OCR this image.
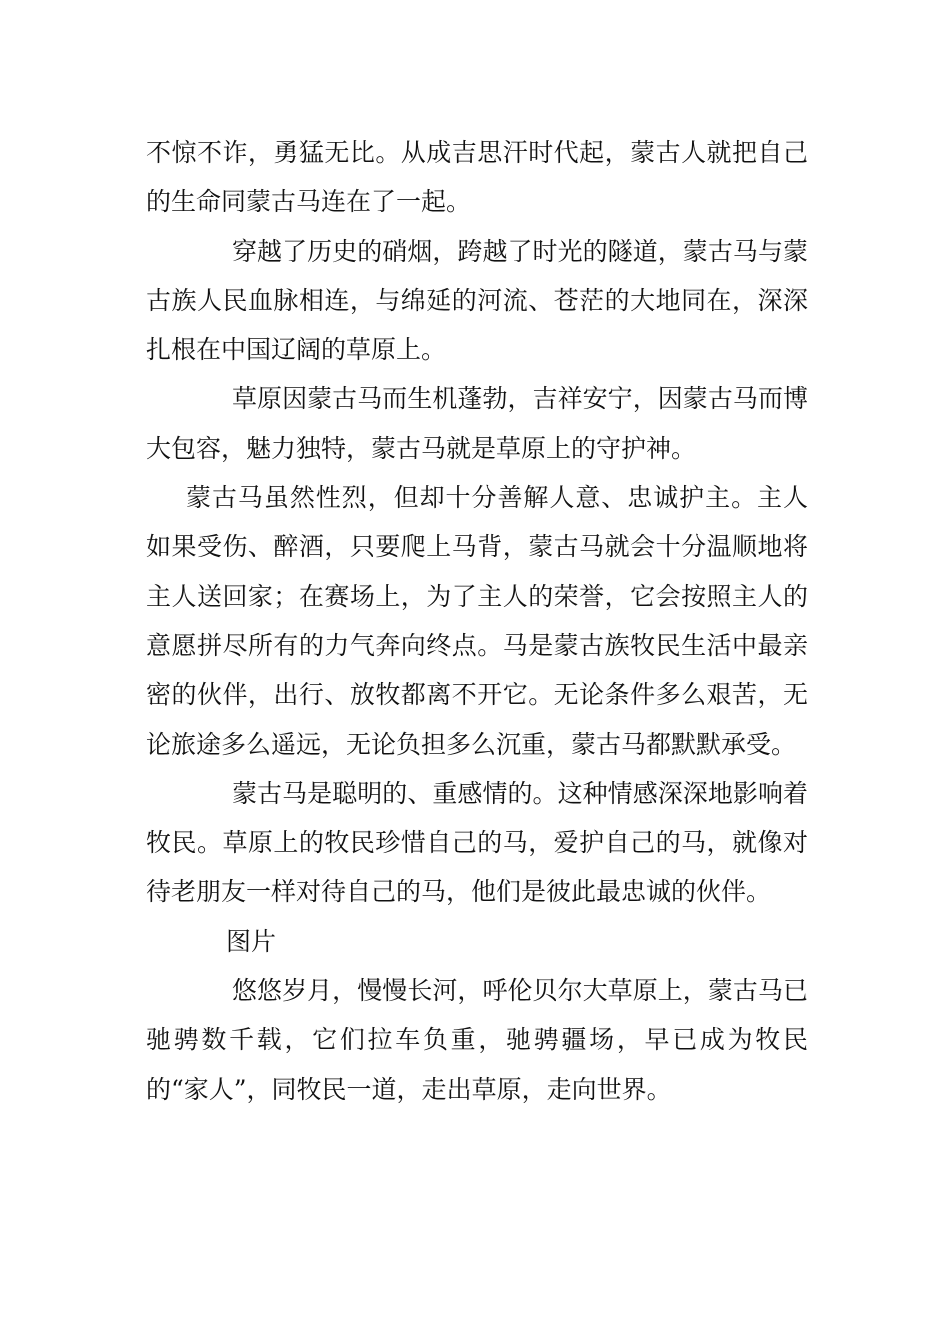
不惊不诈，勇猛无比。从成吉思汗时代起，蒙古人就把自己的生命同蒙古马连在了一起。

穿越了历史的硝烟，跨越了时光的隧道，蒙古马与蒙古族人民血脉相连，与绵延的河流、苍茫的大地同在，深深扎根在中国辽阔的草原上。

草原因蒙古马而生机蓬勃，吉祥安宁，因蒙古马而博大包容，魅力独特，蒙古马就是草原上的守护神。

蒙古马虽然性烈，但却十分善解人意、忠诚护主。主人如果受伤、醉酒，只要爬上马背，蒙古马就会十分温顺地将主人送回家；在赛场上，为了主人的荣誉，它会按照主人的意愿拼尽所有的力气奔向终点。马是蒙古族牧民生活中最亲密的伙伴，出行、放牧都离不开它。无论条件多么艰苦，无论旅途多么遥远，无论负担多么沉重，蒙古马都默默承受。

蒙古马是聪明的、重感情的。这种情感深深地影响着牧民。草原上的牧民珍惜自己的马，爱护自己的马，就像对待老朋友一样对待自己的马，他们是彼此最忠诚的伙伴。

图片

悠悠岁月，慢慢长河，呼伦贝尔大草原上，蒙古马已驰骋数千载，它们拉车负重，驰骋疆场，早已成为牧民的“家人”，同牧民一道，走出草原，走向世界。
